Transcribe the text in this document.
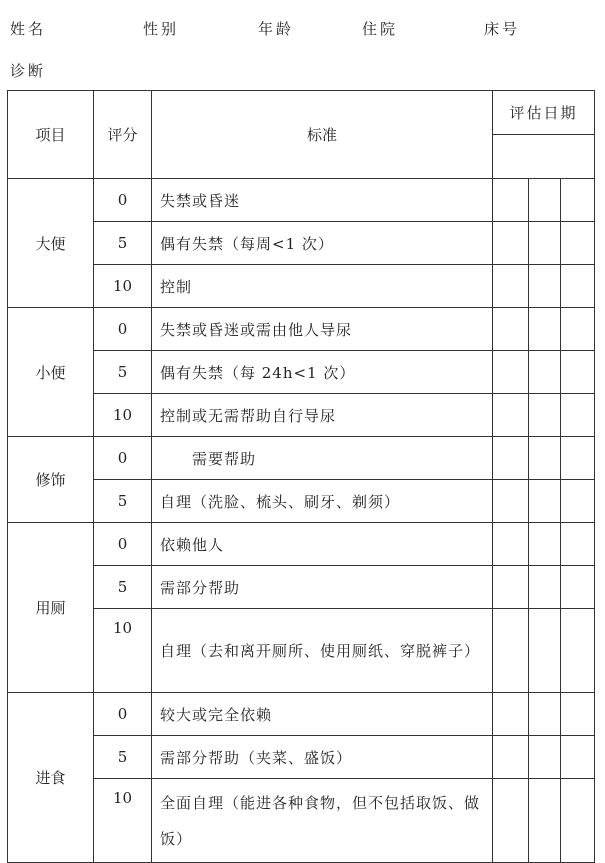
姓名	性别	年龄	住院	床号
诊断
项目	评分	标准	评估日期		

大便	0	失禁或昏迷			
	5	偶有失禁（每周<1 次）			
	10	控制			
小便	0	失禁或昏迷或需由他人导尿			
	5	偶有失禁（每 24h<1 次）			
	10	控制或无需帮助自行导尿			
修饰	0	需要帮助			
	5	自理（洗脸、梳头、刷牙、剃须）			
用厕	0	依赖他人			
	5	需部分帮助			
	10	自理（去和离开厕所、使用厕纸、穿脱裤子）			
进食	0	较大或完全依赖			
	5	需部分帮助（夹菜、盛饭）			
	10	全面自理（能进各种食物，但不包括取饭、做饭）			
